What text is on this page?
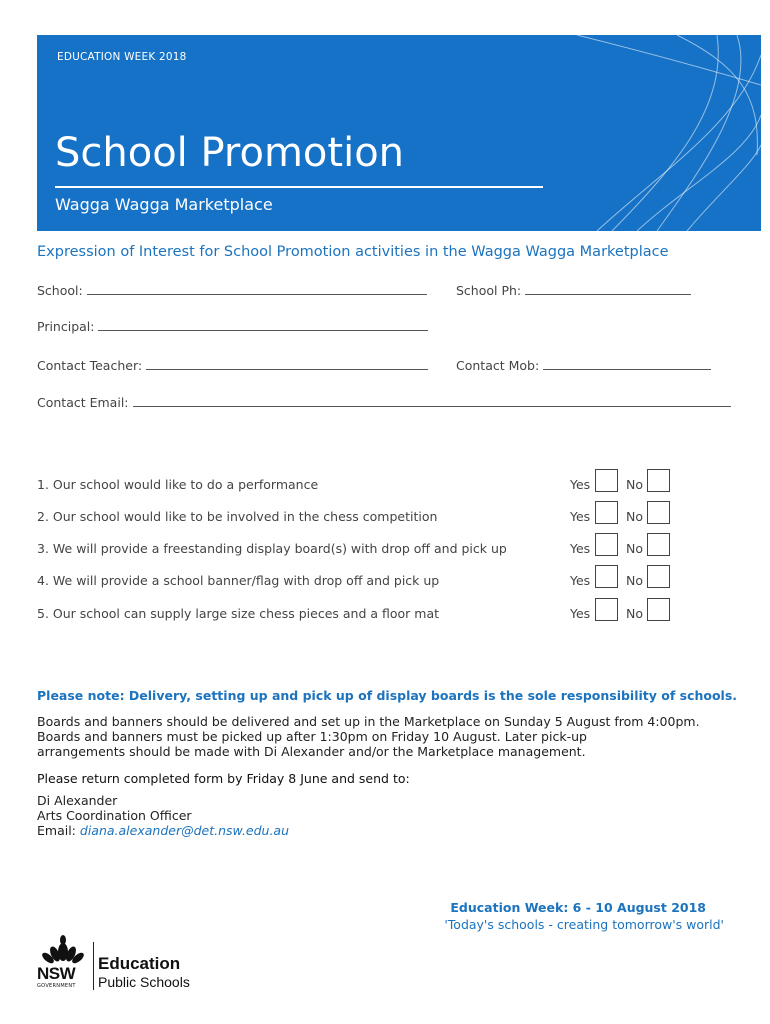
EDUCATION WEEK 2018
School Promotion
Wagga Wagga Marketplace
Expression of Interest for School Promotion activities in the Wagga Wagga Marketplace
School:	School Ph:
Principal:
Contact Teacher:	Contact Mob:
Contact Email:
1. Our school would like to do a performance	Yes	No
2. Our school would like to be involved in the chess competition	Yes	No
3. We will provide a freestanding display board(s) with drop off and pick up	Yes	No
4. We will provide a school banner/flag with drop off and pick up	Yes	No
5. Our school can supply large size chess pieces and a floor mat	Yes	No
Please note: Delivery, setting up and pick up of display boards is the sole responsibility of schools.
Boards and banners should be delivered and set up in the Marketplace on Sunday 5 August from 4:00pm.
Boards and banners must be picked up after 1:30pm on Friday 10 August. Later pick-up
arrangements should be made with Di Alexander and/or the Marketplace management.
Please return completed form by Friday 8 June and send to:
Di Alexander
Arts Coordination Officer
Email: diana.alexander@det.nsw.edu.au
Education Week: 6 - 10 August 2018
'Today's schools - creating tomorrow's world'
NSW
GOVERNMENT
Education
Public Schools
